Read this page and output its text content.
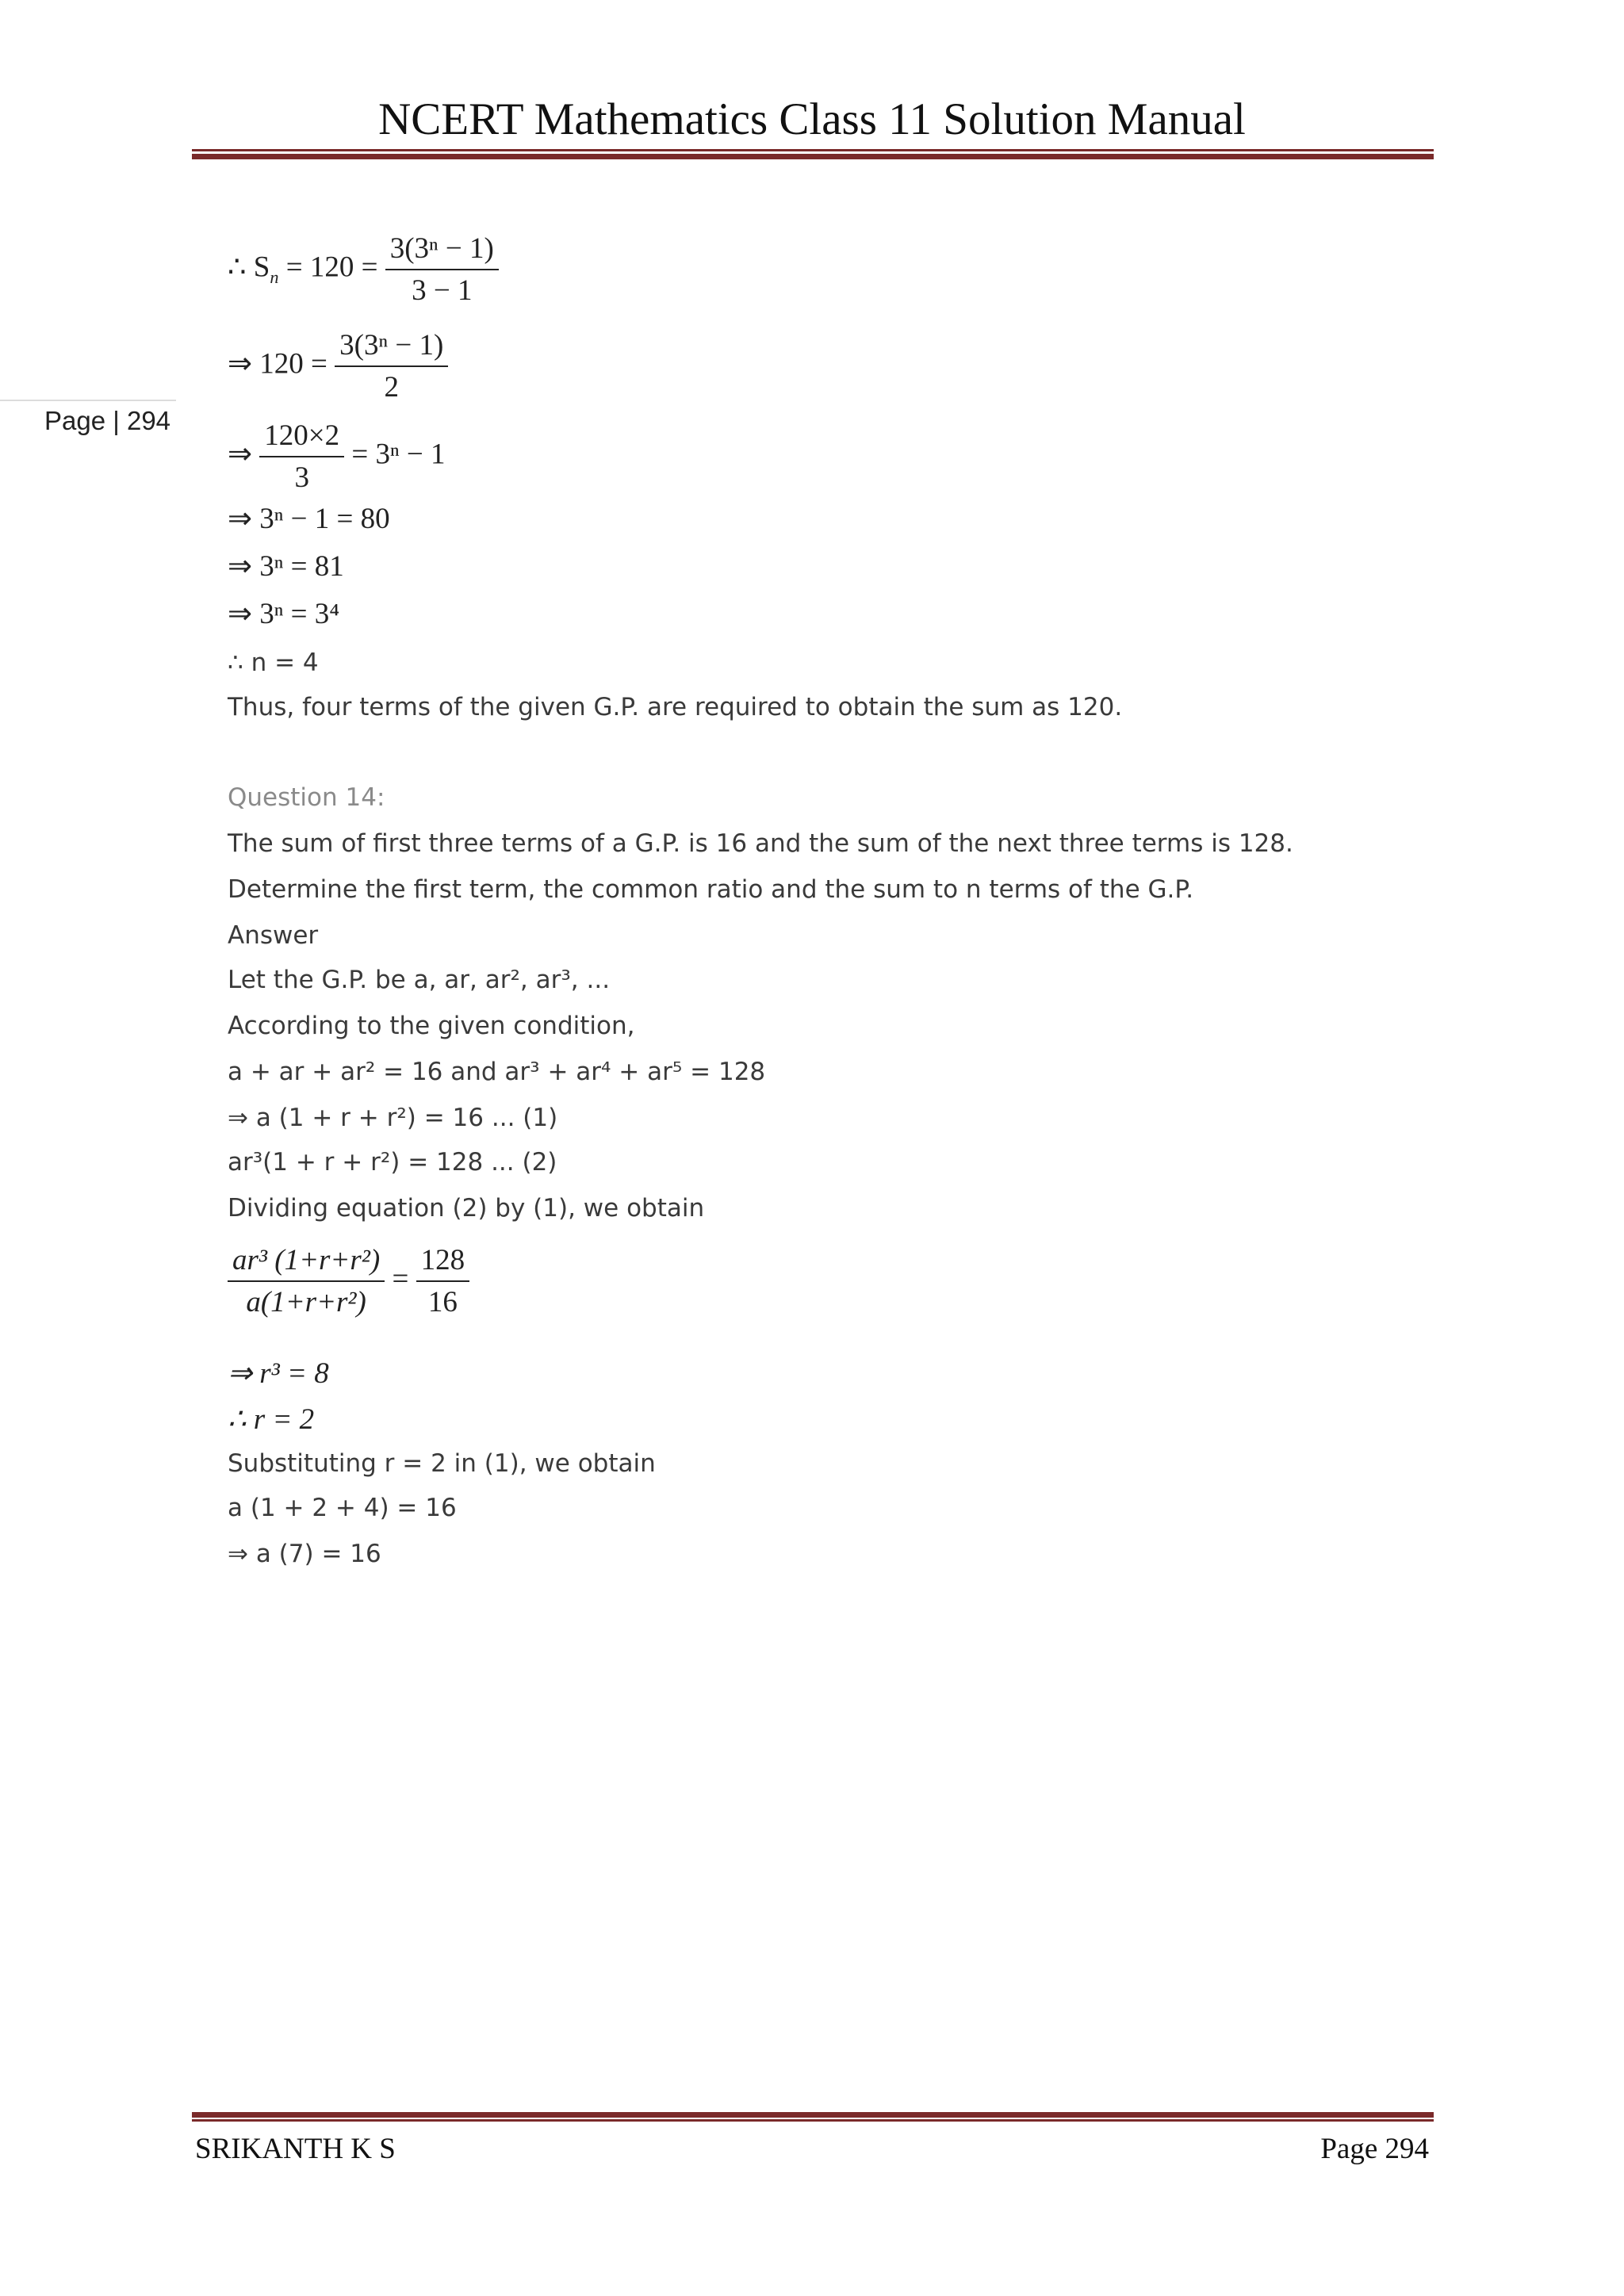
NCERT Mathematics Class 11 Solution Manual
Page | 294
∴ $S_n = 120 = \frac{\text{3(3ⁿ − 1)}}{3 - 1}$
⇒ $120 = \frac{\text{3(3ⁿ − 1)}}{2}$
⇒ $\frac{120\times 2}{3} = 3^n - 1$
⇒ 3ⁿ − 1 = 80
⇒ 3ⁿ = 81
⇒ 3ⁿ = 3⁴
∴ n = 4
Thus, four terms of the given G.P. are required to obtain the sum as 120.
Question 14:
The sum of first three terms of a G.P. is 16 and the sum of the next three terms is 128.
Determine the first term, the common ratio and the sum to n terms of the G.P.
Answer
Let the G.P. be a, ar, ar², ar³, ...
According to the given condition,
a + ar + ar² = 16 and ar³ + ar⁴ + ar⁵ = 128
⇒ a (1 + r + r²) = 16 ... (1)
ar³(1 + r + r²) = 128 ... (2)
Dividing equation (2) by (1), we obtain
$\frac{\text{ar³ (1+r+r²)}}{\text{a(1+r+r²)}} = \frac{128}{16}$
⇒ r³ = 8
∴ r = 2
Substituting r = 2 in (1), we obtain
a (1 + 2 + 4) = 16
⇒ a (7) = 16
SRIKANTH K S	Page 294
